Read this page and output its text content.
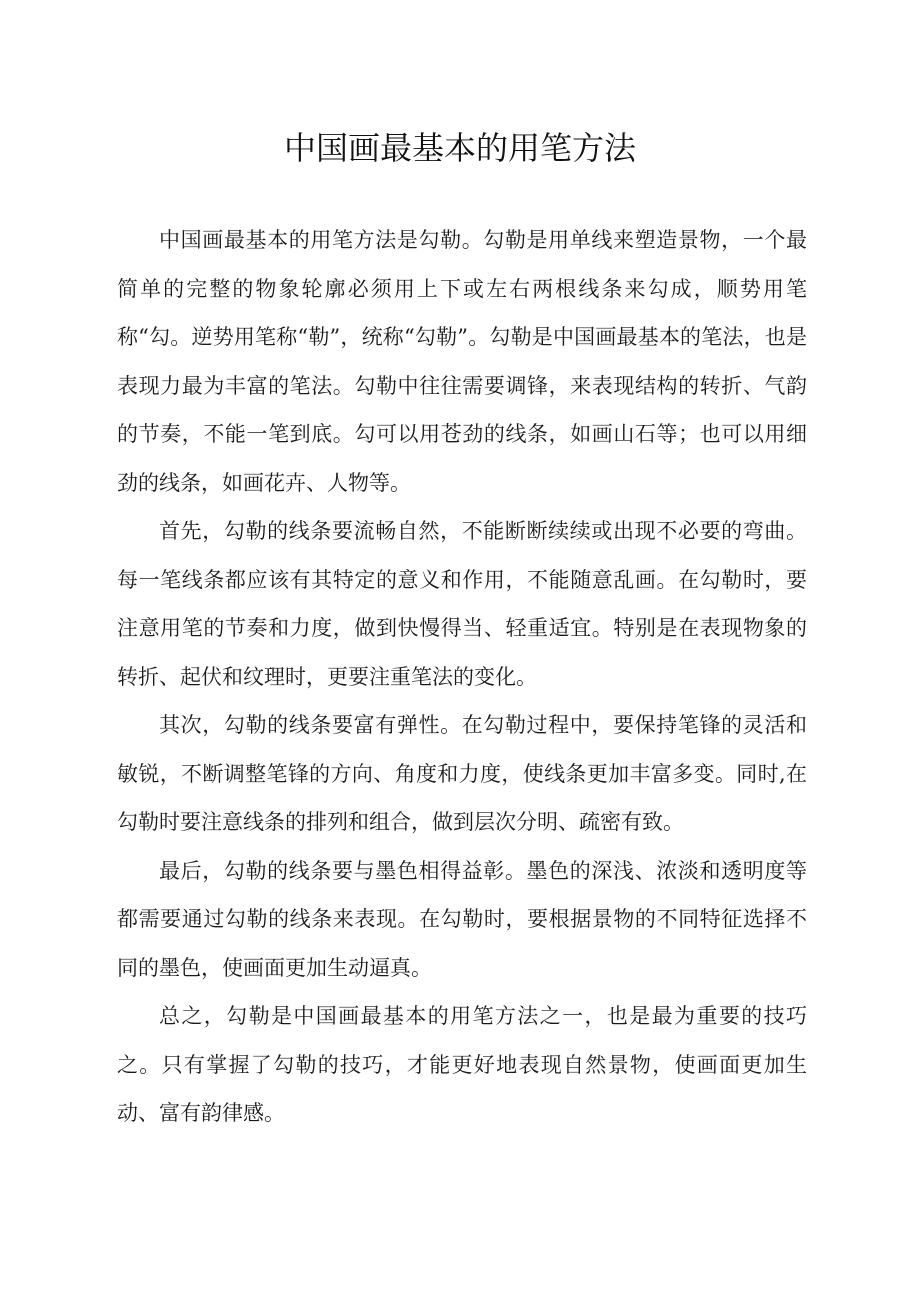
中国画最基本的用笔方法

中国画最基本的用笔方法是勾勒。勾勒是用单线来塑造景物，一个最简单的完整的物象轮廓必须用上下或左右两根线条来勾成，顺势用笔称“勾。逆势用笔称“勒”，统称“勾勒”。勾勒是中国画最基本的笔法，也是表现力最为丰富的笔法。勾勒中往往需要调锋，来表现结构的转折、气韵的节奏，不能一笔到底。勾可以用苍劲的线条，如画山石等；也可以用细劲的线条，如画花卉、人物等。

首先，勾勒的线条要流畅自然，不能断断续续或出现不必要的弯曲。每一笔线条都应该有其特定的意义和作用，不能随意乱画。在勾勒时，要注意用笔的节奏和力度，做到快慢得当、轻重适宜。特别是在表现物象的转折、起伏和纹理时，更要注重笔法的变化。

其次，勾勒的线条要富有弹性。在勾勒过程中，要保持笔锋的灵活和敏锐，不断调整笔锋的方向、角度和力度，使线条更加丰富多变。同时,在勾勒时要注意线条的排列和组合，做到层次分明、疏密有致。

最后，勾勒的线条要与墨色相得益彰。墨色的深浅、浓淡和透明度等都需要通过勾勒的线条来表现。在勾勒时，要根据景物的不同特征选择不同的墨色，使画面更加生动逼真。

总之，勾勒是中国画最基本的用笔方法之一，也是最为重要的技巧之。只有掌握了勾勒的技巧，才能更好地表现自然景物，使画面更加生动、富有韵律感。
